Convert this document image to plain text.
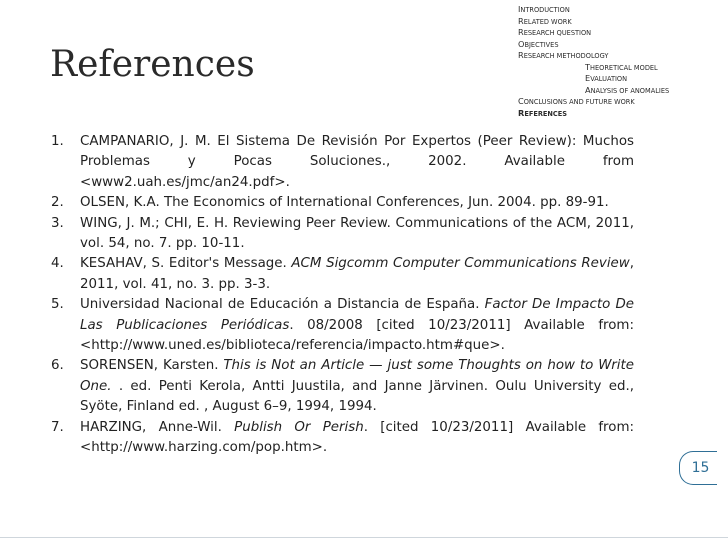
References
INTRODUCTION
RELATED WORK
RESEARCH QUESTION
OBJECTIVES
RESEARCH METHODOLOGY
THEORETICAL MODEL
EVALUATION
ANALYSIS OF ANOMALIES
CONCLUSIONS AND FUTURE WORK
REFERENCES
1. CAMPANARIO, J. M. El Sistema De Revisión Por Expertos (Peer Review): Muchos Problemas y Pocas Soluciones., 2002. Available from <www2.uah.es/jmc/an24.pdf>.
2. OLSEN, K.A. The Economics of International Conferences, Jun. 2004. pp. 89-91.
3. WING, J. M.; CHI, E. H. Reviewing Peer Review. Communications of the ACM, 2011, vol. 54, no. 7. pp. 10-11.
4. KESAHAV, S. Editor's Message. ACM Sigcomm Computer Communications Review, 2011, vol. 41, no. 3. pp. 3-3.
5. Universidad Nacional de Educación a Distancia de España. Factor De Impacto De Las Publicaciones Periódicas. 08/2008 [cited 10/23/2011] Available from:<http://www.uned.es/biblioteca/referencia/impacto.htm#que>.
6. SORENSEN, Karsten. This is Not an Article — just some Thoughts on how to Write One. . ed. Penti Kerola, Antti Juustila, and Janne Järvinen. Oulu University ed., Syöte, Finland ed. , August 6–9, 1994, 1994.
7. HARZING, Anne-Wil. Publish Or Perish. [cited 10/23/2011] Available from:<http://www.harzing.com/pop.htm>.
15
